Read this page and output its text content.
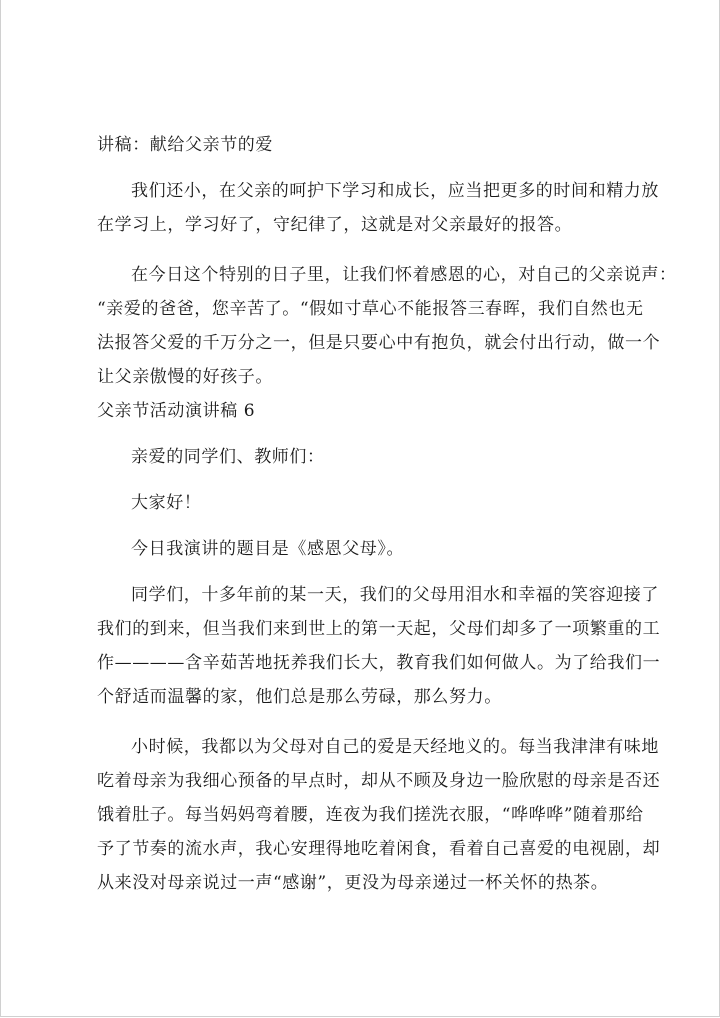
讲稿：献给父亲节的爱
我们还小，在父亲的呵护下学习和成长，应当把更多的时间和精力放
在学习上，学习好了，守纪律了，这就是对父亲最好的报答。
在今日这个特别的日子里，让我们怀着感恩的心，对自己的父亲说声：
“亲爱的爸爸，您辛苦了。“假如寸草心不能报答三春晖，我们自然也无
法报答父爱的千万分之一，但是只要心中有抱负，就会付出行动，做一个
让父亲傲慢的好孩子。
父亲节活动演讲稿 6
亲爱的同学们、教师们：
大家好！
今日我演讲的题目是《感恩父母》。
同学们，十多年前的某一天，我们的父母用泪水和幸福的笑容迎接了
我们的到来，但当我们来到世上的第一天起，父母们却多了一项繁重的工
作————含辛茹苦地抚养我们长大，教育我们如何做人。为了给我们一
个舒适而温馨的家，他们总是那么劳碌，那么努力。
小时候，我都以为父母对自己的爱是天经地义的。每当我津津有味地
吃着母亲为我细心预备的早点时，却从不顾及身边一脸欣慰的母亲是否还
饿着肚子。每当妈妈弯着腰，连夜为我们搓洗衣服，“哗哗哗”随着那给
予了节奏的流水声，我心安理得地吃着闲食，看着自己喜爱的电视剧，却
从来没对母亲说过一声“感谢”，更没为母亲递过一杯关怀的热茶。
